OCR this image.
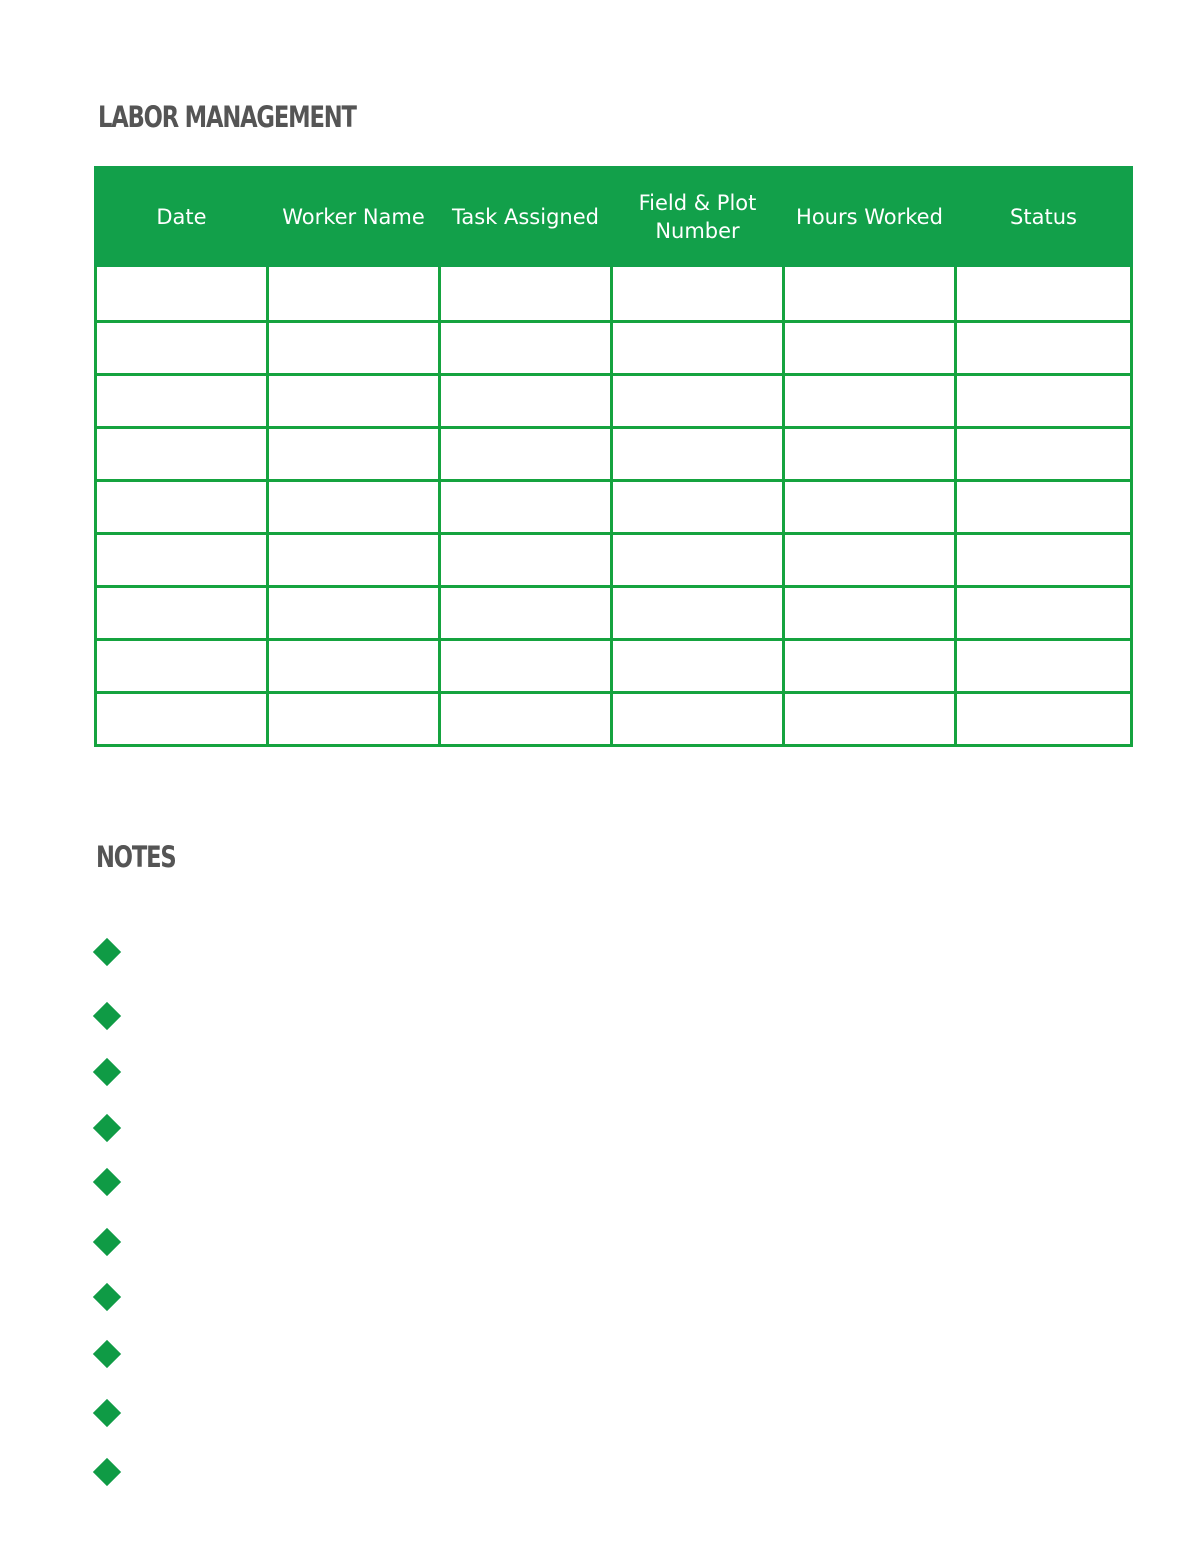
LABOR MANAGEMENT
Date	Worker Name	Task Assigned	Field & Plot Number	Hours Worked	Status

NOTES
